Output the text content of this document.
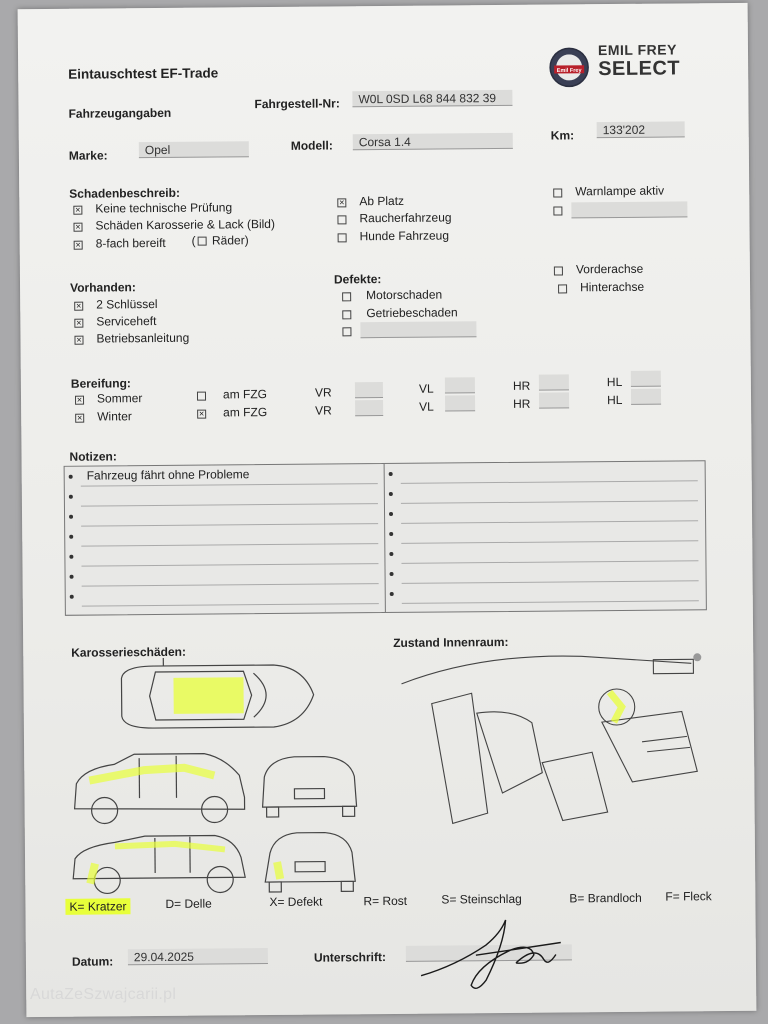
Eintauschtest EF-Trade	Emil Frey
EMIL FREY
SELECT
Fahrzeugangaben
Fahrgestell-Nr:	W0L 0SD L68 844 832 39
Marke:	Opel	Modell:	Corsa 1.4	Km:	133'202
Schadenbeschreib:
× Keine technische Prüfung
× Schäden Karosserie & Lack (Bild)
× 8-fach bereift ( Räder)
× Ab Platz
Raucherfahrzeug
Hunde Fahrzeug
Warnlampe aktiv
Vorhanden:
× 2 Schlüssel
× Serviceheft
× Betriebsanleitung
Defekte:
Motorschaden
Getriebeschaden
Vorderachse
Hinterachse
Bereifung:
× Sommer	am FZG	VR	VL	HR	HL
× Winter	× am FZG	VR	VL	HR	HL
Notizen:
Fahrzeug fährt ohne Probleme
Karosserieschäden:
Zustand Innenraum:
K= Kratzer	D= Delle	X= Defekt	R= Rost	S= Steinschlag	B= Brandloch F= Fleck
Datum:	29.04.2025	Unterschrift:
AutaZeSzwajcarii.pl
